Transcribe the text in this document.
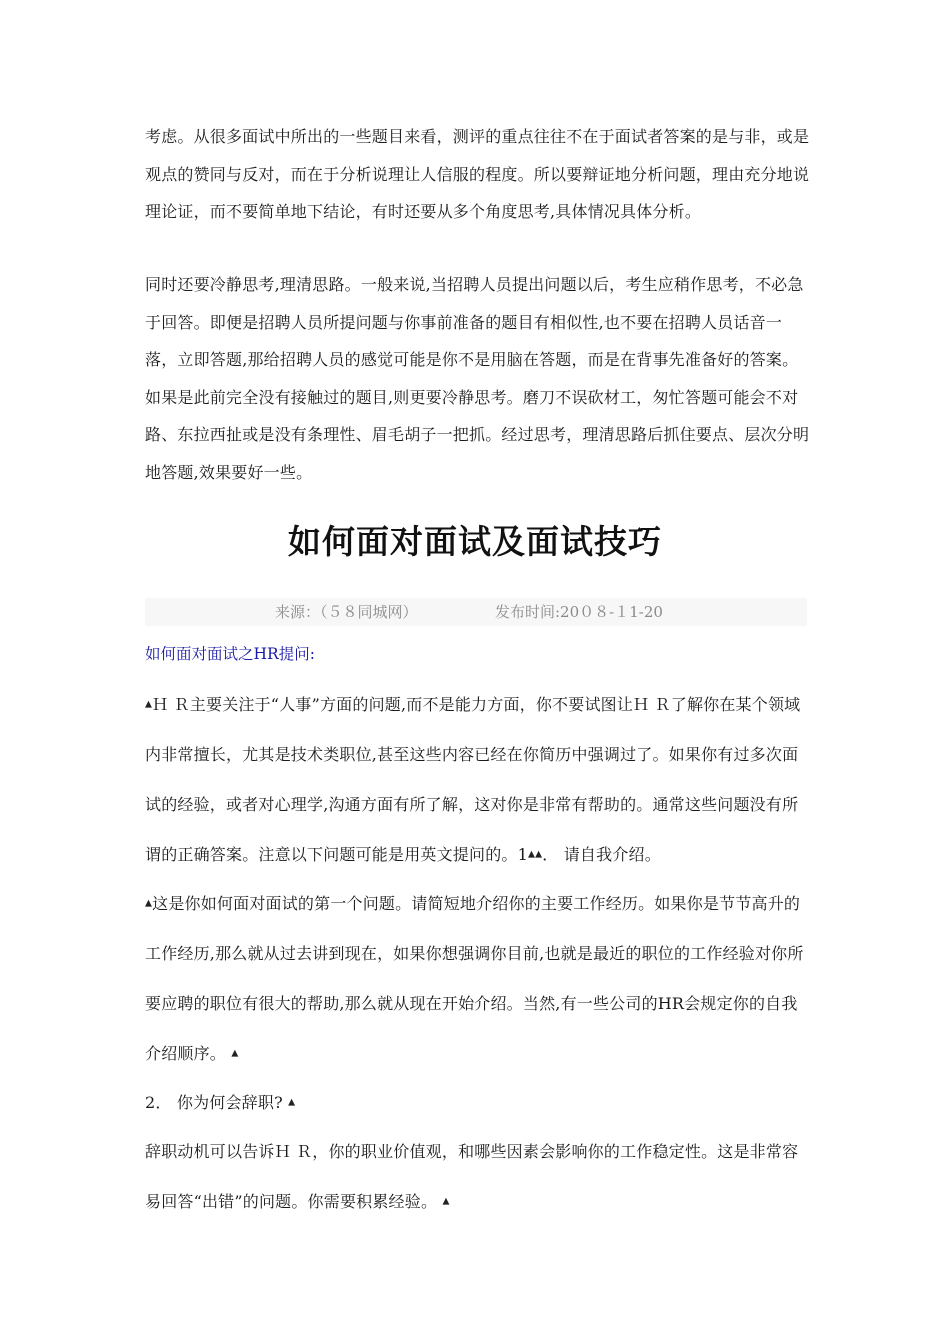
考虑。从很多面试中所出的一些题目来看，测评的重点往往不在于面试者答案的是与非，或是观点的赞同与反对，而在于分析说理让人信服的程度。所以要辩证地分析问题，理由充分地说理论证，而不要简单地下结论，有时还要从多个角度思考,具体情况具体分析。

同时还要冷静思考,理清思路。一般来说,当招聘人员提出问题以后，考生应稍作思考，不必急于回答。即便是招聘人员所提问题与你事前准备的题目有相似性,也不要在招聘人员话音一落，立即答题,那给招聘人员的感觉可能是你不是用脑在答题，而是在背事先准备好的答案。如果是此前完全没有接触过的题目,则更要冷静思考。磨刀不误砍材工，匆忙答题可能会不对路、东拉西扯或是没有条理性、眉毛胡子一把抓。经过思考，理清思路后抓住要点、层次分明地答题,效果要好一些。

如何面对面试及面试技巧
来源：（５８同城网）	发布时间:20０８-１1-20

如何面对面试之HR提问:

▲Ｈ Ｒ主要关注于“人事”方面的问题,而不是能力方面，你不要试图让Ｈ Ｒ了解你在某个领域内非常擅长，尤其是技术类职位,甚至这些内容已经在你简历中强调过了。如果你有过多次面试的经验，或者对心理学,沟通方面有所了解，这对你是非常有帮助的。通常这些问题没有所谓的正确答案。注意以下问题可能是用英文提问的。1▲▲． 请自我介绍。

▲这是你如何面对面试的第一个问题。请简短地介绍你的主要工作经历。如果你是节节高升的工作经历,那么就从过去讲到现在，如果你想强调你目前,也就是最近的职位的工作经验对你所要应聘的职位有很大的帮助,那么就从现在开始介绍。当然,有一些公司的HR会规定你的自我介绍顺序。 ▲

2． 你为何会辞职? ▲

辞职动机可以告诉Ｈ Ｒ，你的职业价值观，和哪些因素会影响你的工作稳定性。这是非常容易回答“出错”的问题。你需要积累经验。 ▲
